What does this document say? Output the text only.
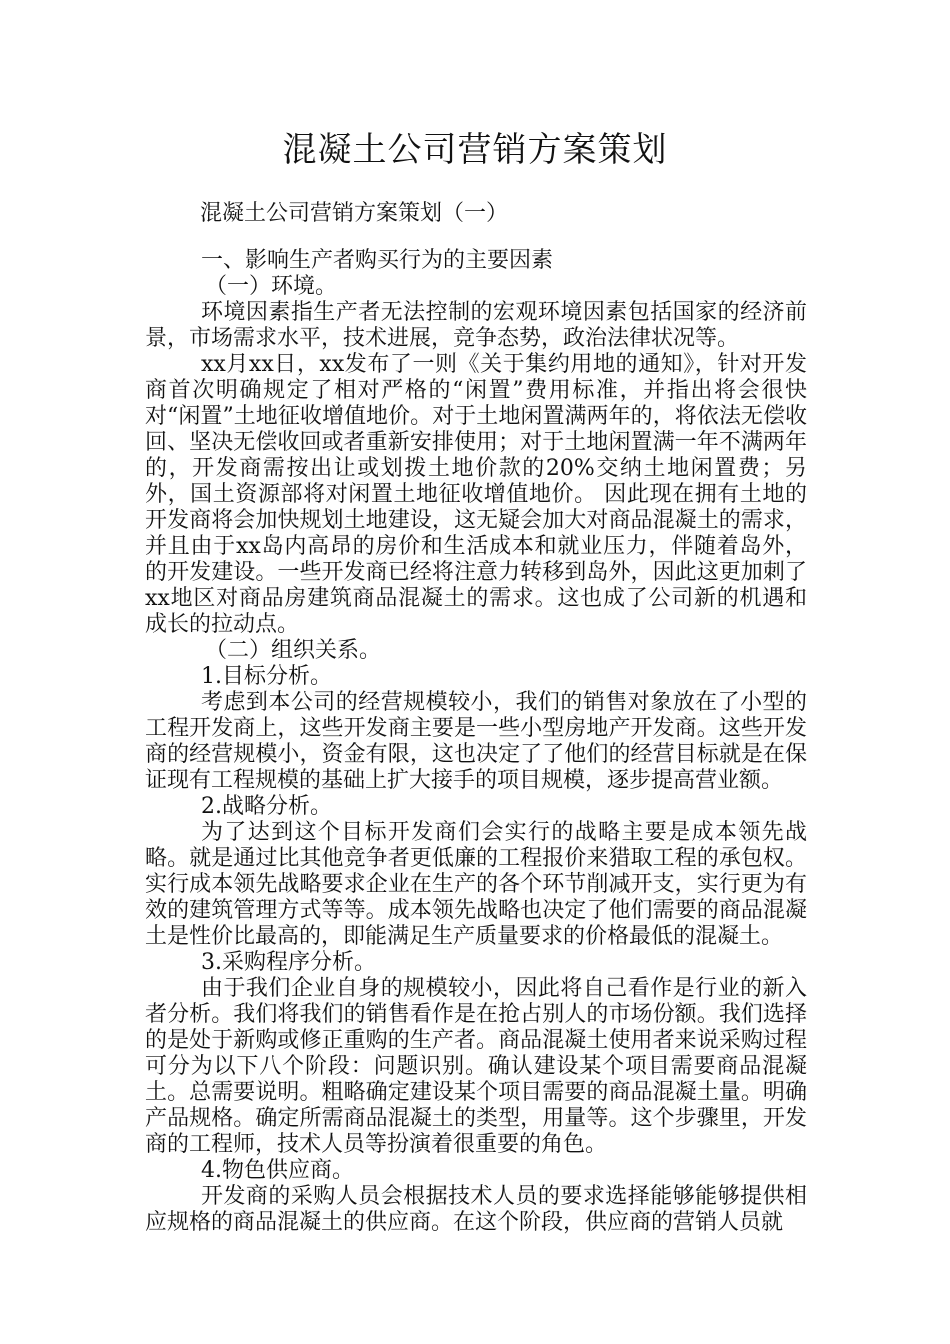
混凝土公司营销方案策划
混凝土公司营销方案策划（一）

一、影响生产者购买行为的主要因素

（一）环境。

环境因素指生产者无法控制的宏观环境因素包括国家的经济前景，市场需求水平，技术进展，竞争态势，政治法律状况等。

xx月xx日，xx发布了一则《关于集约用地的通知》，针对开发商首次明确规定了相对严格的“闲置”费用标准，并指出将会很快对“闲置”土地征收增值地价。对于土地闲置满两年的，将依法无偿收回、坚决无偿收回或者重新安排使用；对于土地闲置满一年不满两年的，开发商需按出让或划拨土地价款的20%交纳土地闲置费；另外，国土资源部将对闲置土地征收增值地价。 因此现在拥有土地的开发商将会加快规划土地建设，这无疑会加大对商品混凝土的需求，并且由于xx岛内高昂的房价和生活成本和就业压力，伴随着岛外，的开发建设。一些开发商已经将注意力转移到岛外，因此这更加刺了xx地区对商品房建筑商品混凝土的需求。这也成了公司新的机遇和成长的拉动点。

（二）组织关系。

1.目标分析。

考虑到本公司的经营规模较小，我们的销售对象放在了小型的工程开发商上，这些开发商主要是一些小型房地产开发商。这些开发商的经营规模小，资金有限，这也决定了了他们的经营目标就是在保证现有工程规模的基础上扩大接手的项目规模，逐步提高营业额。

2.战略分析。

为了达到这个目标开发商们会实行的战略主要是成本领先战略。就是通过比其他竞争者更低廉的工程报价来猎取工程的承包权。实行成本领先战略要求企业在生产的各个环节削减开支，实行更为有效的建筑管理方式等等。成本领先战略也决定了他们需要的商品混凝土是性价比最高的，即能满足生产质量要求的价格最低的混凝土。

3.采购程序分析。

由于我们企业自身的规模较小，因此将自己看作是行业的新入者分析。我们将我们的销售看作是在抢占别人的市场份额。我们选择的是处于新购或修正重购的生产者。商品混凝土使用者来说采购过程可分为以下八个阶段：问题识别。确认建设某个项目需要商品混凝土。总需要说明。粗略确定建设某个项目需要的商品混凝土量。明确产品规格。确定所需商品混凝土的类型，用量等。这个步骤里，开发商的工程师，技术人员等扮演着很重要的角色。

4.物色供应商。

开发商的采购人员会根据技术人员的要求选择能够能够提供相应规格的商品混凝土的供应商。在这个阶段，供应商的营销人员就
